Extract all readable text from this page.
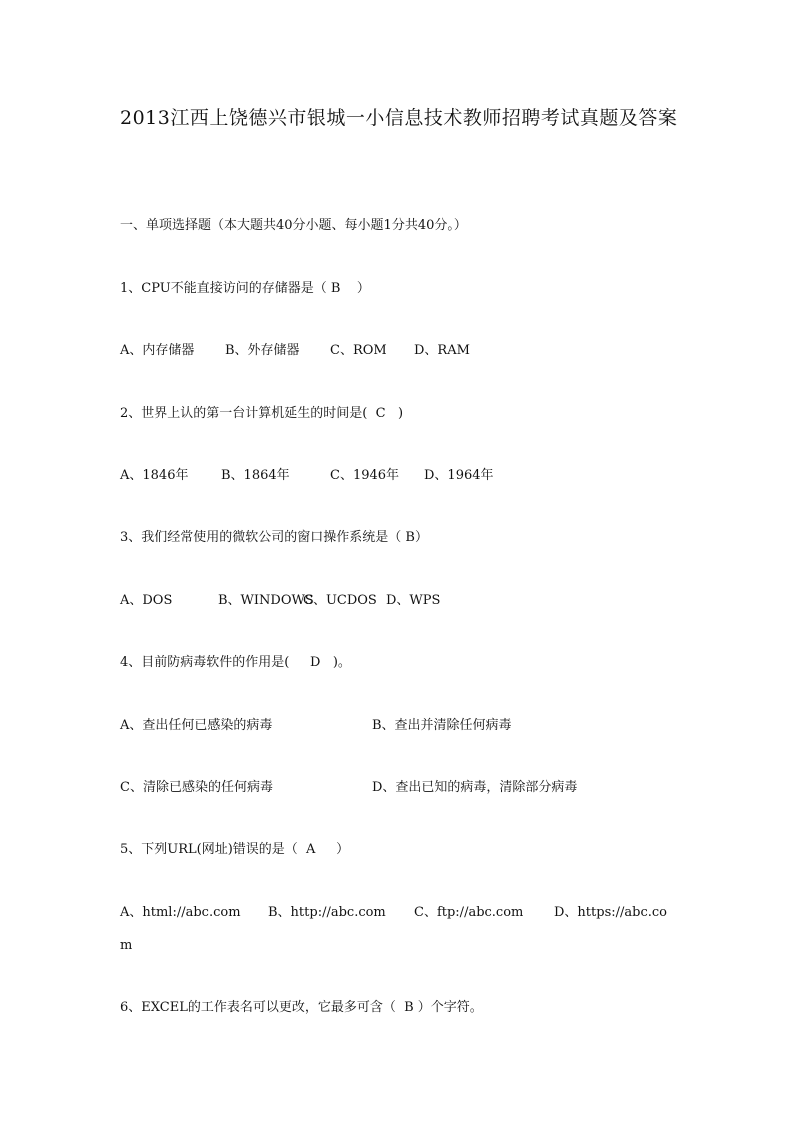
2013江西上饶德兴市银城一小信息技术教师招聘考试真题及答案
一、单项选择题（本大题共40分小题、每小题1分共40分。）
1、CPU不能直接访问的存储器是（ B    ）
A、内存储器 B、外存储器 C、ROM D、RAM
2、世界上认的第一台计算机延生的时间是(  C   )
A、1846年	B、1864年	C、1946年 D、1964年
3、我们经常使用的微软公司的窗口操作系统是（ B）
A、DOS	B、WINDOWS
C、UCDOS D、WPS
4、目前防病毒软件的作用是(     D   )。
A、查出任何已感染的病毒	B、查出并清除任何病毒
C、清除已感染的任何病毒	D、查出已知的病毒，清除部分病毒
5、下列URL(网址)错误的是（  A     ）
A、html://abc.com B、http://abc.com C、ftp://abc.com D、https://abc.co
m
6、EXCEL的工作表名可以更改，它最多可含（  B ）个字符。
